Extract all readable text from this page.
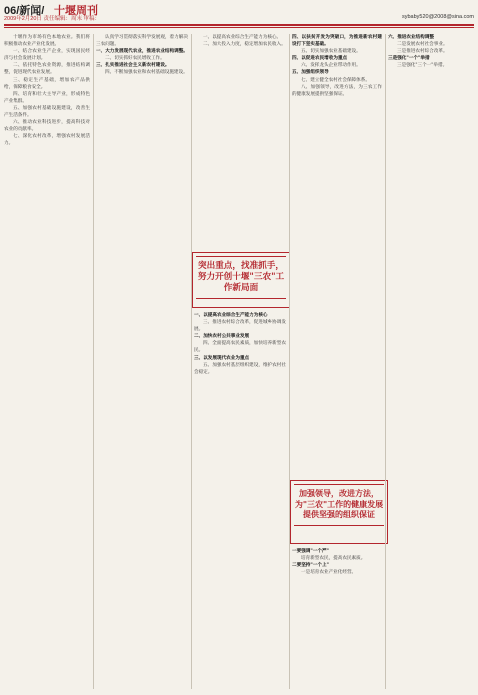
06/新闻/ 十堰周刊
2009年2月20日 责任编辑：周末 审稿：	sybaby520@2008@sina.com

十堰作为市场有色本地农业。我们将积极推动农业产业化发展。

一、结合农业生产企业，实现国民经济与社会发展计划。

二、依托特色农业资源，推进结构调整，促进现代农业发展。

三、稳定生产基础，增加农产品供给，保障粮食安全。

四、培育和壮大主导产业，形成特色产业集群。

五、加强农村基础设施建设，改善生产生活条件。

六、推动农业科技进步，提高科技对农业的贡献率。

七、深化农村改革，增强农村发展活力。

认真学习贯彻落实科学发展观，着力解决三农问题。

一、大力发展现代农业，推进农业结构调整。

二、切实抓好农民增收工作。

三、扎实推进社会主义新农村建设。

四、不断加强农业和农村基础设施建设。

一、以提高农业综合生产能力为核心。

二、加大投入力度，稳定增加农民收入。

突出重点，找准抓手，努力开创十堰"三农"工作新局面

一、以提高农业综合生产能力为核心

三、推进农村综合改革，促进城乡协调发展。

二、加快农村公共事业发展

四、全面提高农民素质，加快培养新型农民。

三、以发展现代农业为重点

五、加强农村基层组织建设，维护农村社会稳定。

四、以扶贫开发为突破口，为推进新农村建设打下坚实基础。

五、切实加强农业基础建设。

四、以促进农民增收为重点

六、发挥龙头企业带动作用。

五、加强组织领导

七、建立健全农村社会保障体系。

八、加强领导，改进方法，为三农工作的健康发展提供坚强保证。

加强领导，改进方法，为"三农"工作的健康发展提供坚强的组织保证

一要强调"一个严"

培育新型农民，提高农民素质。

二要坚持"一个上"

一是培育农业产业化经营。

六、推进农业结构调整

二是发展农村社会事业。

三是推进农村综合改革。

三是强化"一个"举措

三是强化"三个一"举措。
